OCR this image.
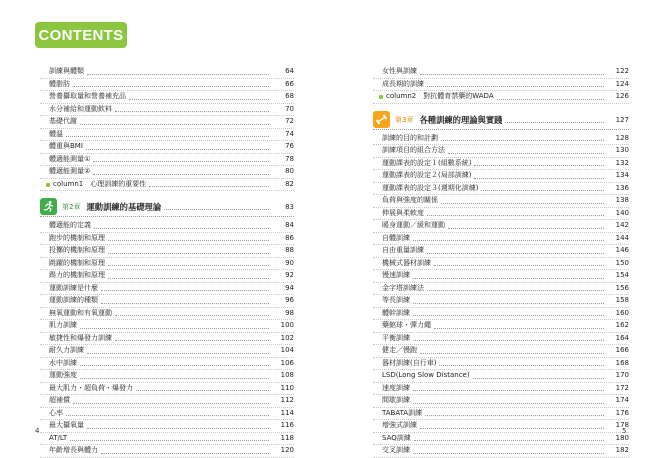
CONTENTS
訓練與體類	64
體脂肪	66
營養攝取量和營養補充品	68
水分補給和運動飲料	70
基礎代謝	72
體溫	74
體重與BMI	76
體適能測量①	78
體適能測量②	80
column1　心理訓練的重要性	82
第2章 運動訓練的基礎理論	83
體適能的定義	84
跑步的機制和原理	86
投擲的機制和原理	88
跳躍的機制和原理	90
踢力的機制和原理	92
運動訓練是什麼	94
運動訓練的種類	96
無氧運動和有氧運動	98
肌力訓練	100
敏捷性和爆發力訓練	102
耐久力訓練	104
水中訓練	106
運動強度	108
最大肌力・超負荷・爆發力	110
超補償	112
心率	114
最大攝氧量	116
AT/LT	118
年齡增長與體力	120
女性與訓練	122
成長期的訓練	124
column2　對抗體育禁藥的WADA	126
第3章 各種訓練的理論與實踐	127
訓練的目的和計劃	128
訓練項目的組合方法	130
運動課表的設定１(組數系統)	132
運動課表的設定２(局部訓練)	134
運動課表的設定３(週期化訓練)	136
負荷與強度的關係	138
伸展與柔軟度	140
暖身運動／緩和運動	142
自體訓練	144
自由重量訓練	146
機械式器材訓練	150
慢速訓練	154
金字塔訓練法	156
等長訓練	158
體幹訓練	160
藥館球・彈力繩	162
平衡訓練	164
健走／慢跑	166
器材訓練(自行車)	168
LSD(Long Slow Distance)	170
速度訓練	172
間歇訓練	174
TABATA訓練	176
增強式訓練	178
SAQ訓練	180
交叉訓練	182
4	5
